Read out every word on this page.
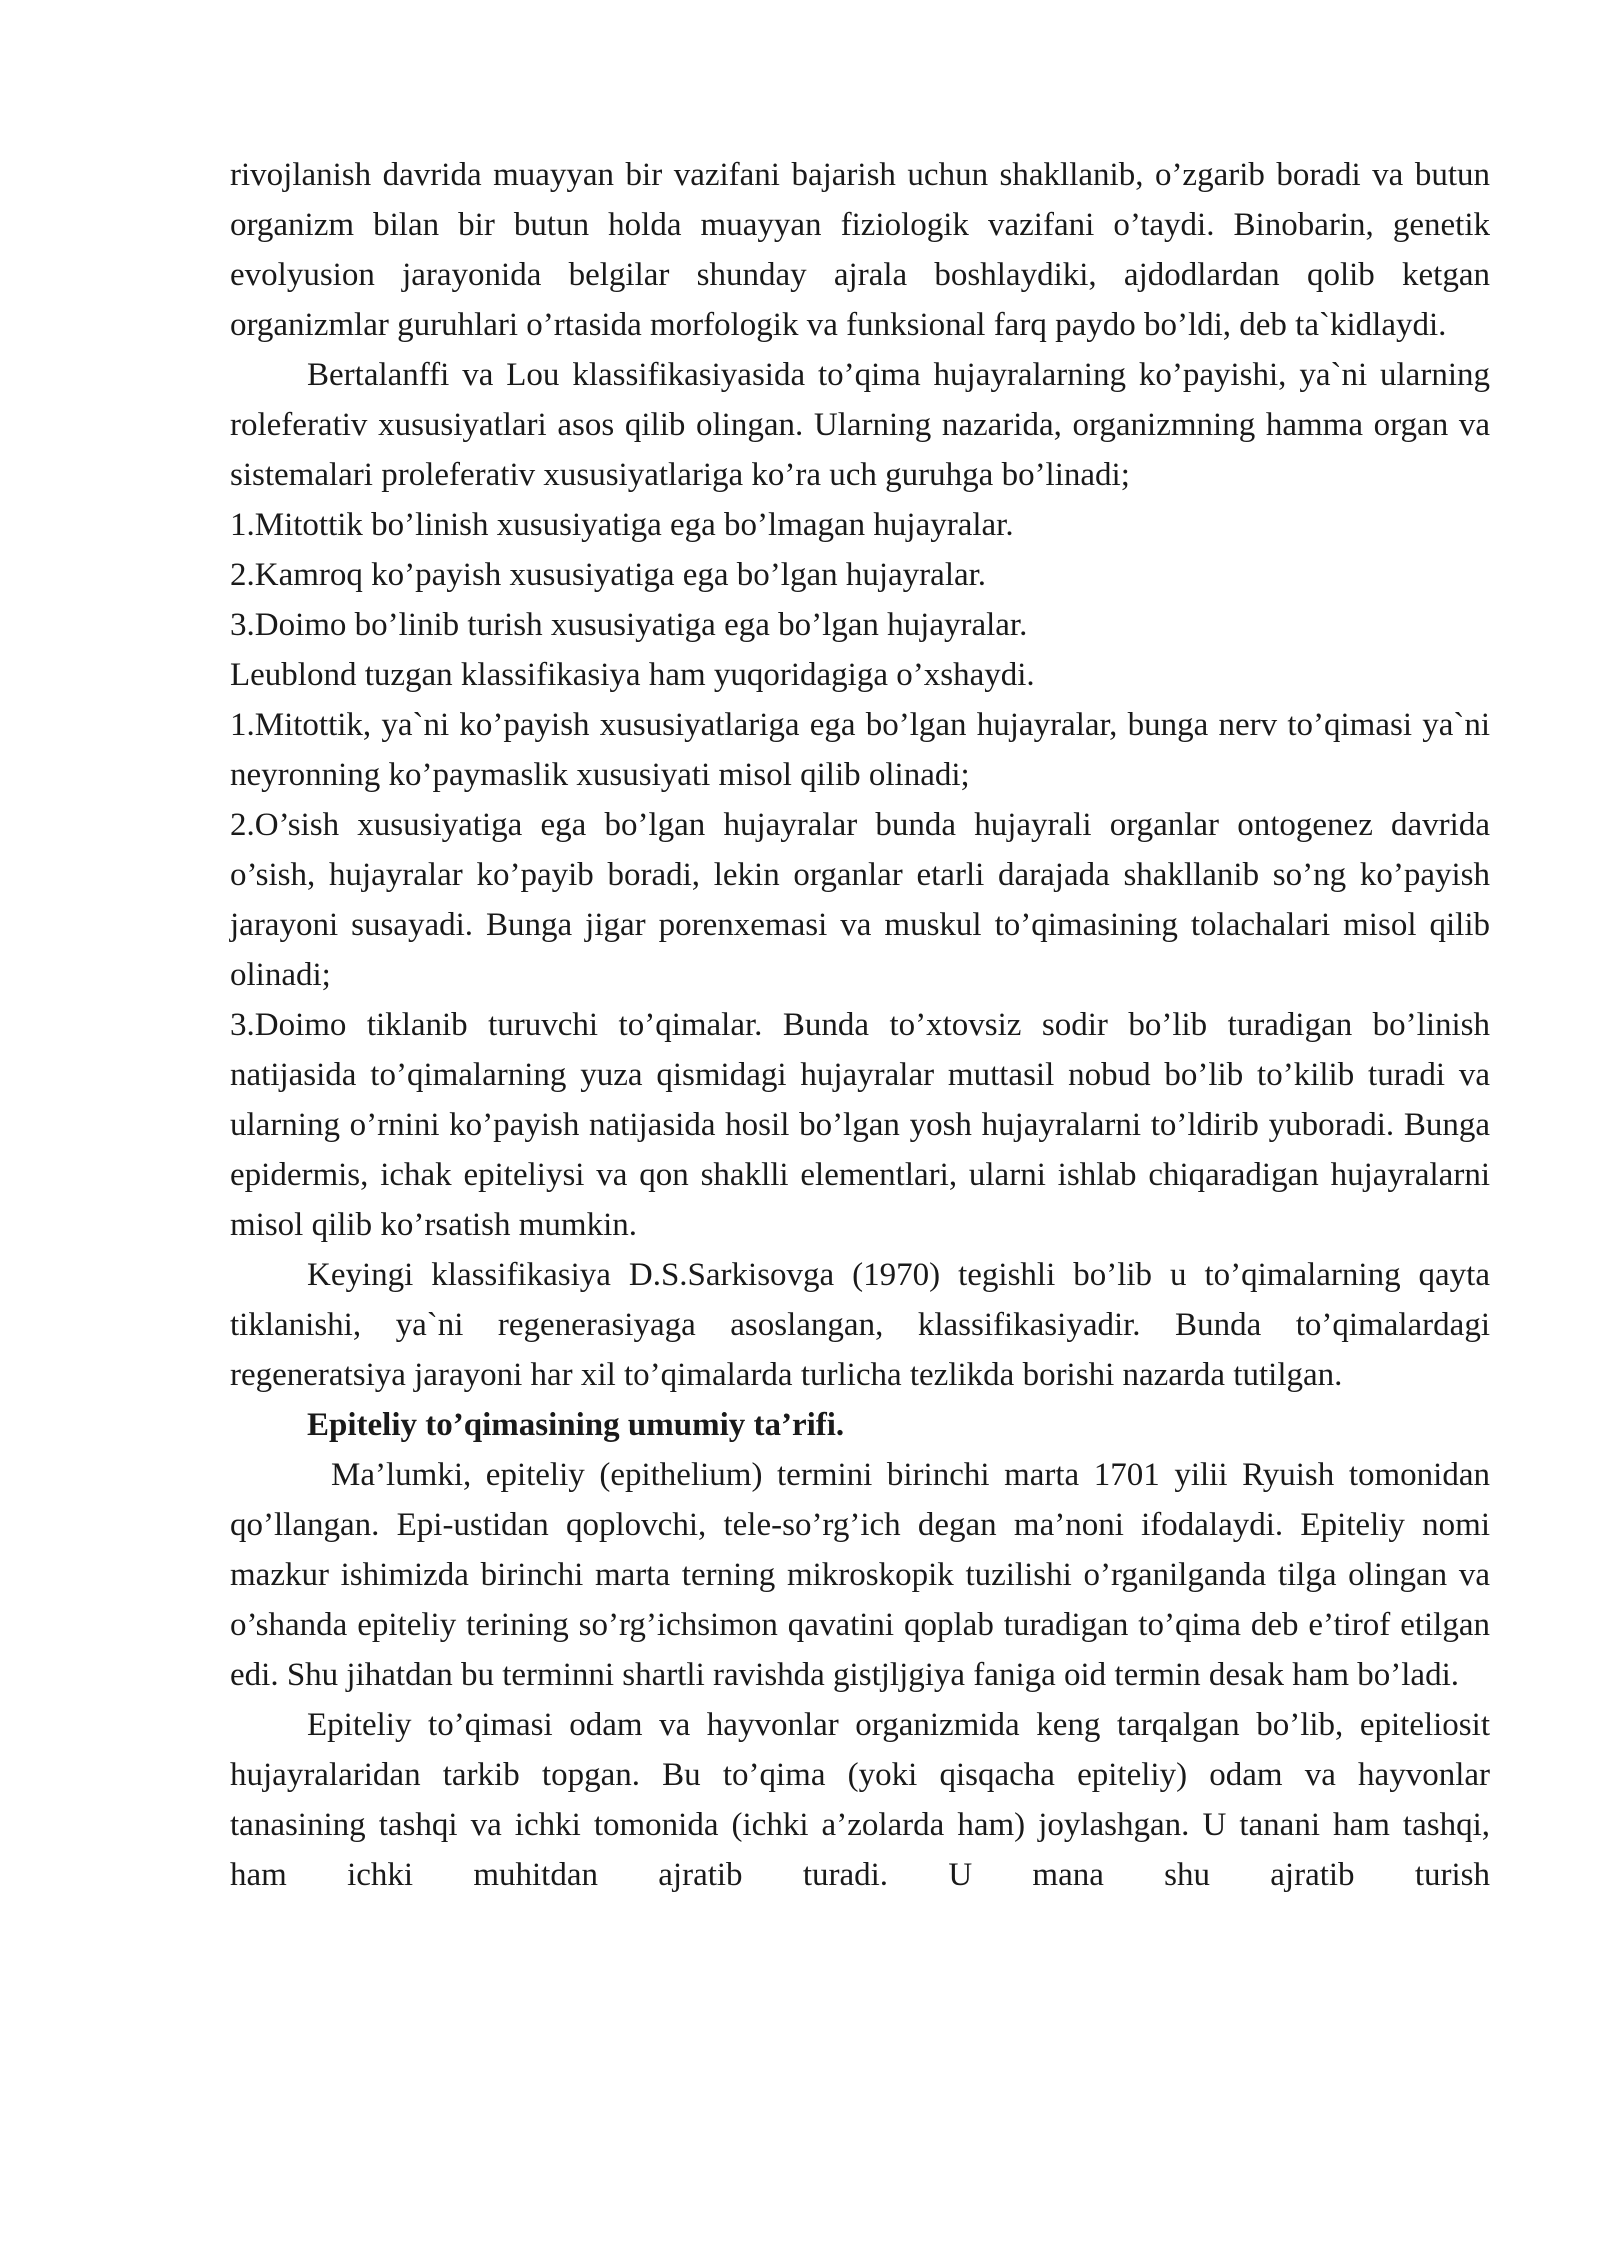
rivojlanish davrida muayyan bir vazifani bajarish uchun shakllanib, o’zgarib boradi va butun organizm bilan bir butun holda muayyan fiziologik vazifani o’taydi. Binobarin, genetik evolyusion jarayonida belgilar shunday ajrala boshlaydiki, ajdodlardan qolib ketgan organizmlar guruhlari o’rtasida morfologik va funksional farq paydo bo’ldi, deb ta`kidlaydi.

Bertalanffi va Lou klassifikasiyasida to’qima hujayralarning ko’payishi, ya`ni ularning roleferativ xususiyatlari asos qilib olingan. Ularning nazarida, organizmning hamma organ va sistemalari proleferativ xususiyatlariga ko’ra uch guruhga bo’linadi;

1.Mitottik bo’linish xususiyatiga ega bo’lmagan hujayralar.

2.Kamroq ko’payish xususiyatiga ega bo’lgan hujayralar.

3.Doimo bo’linib turish xususiyatiga ega bo’lgan hujayralar.

Leublond tuzgan klassifikasiya ham yuqoridagiga o’xshaydi.

1.Mitottik, ya`ni ko’payish xususiyatlariga ega bo’lgan hujayralar, bunga nerv to’qimasi ya`ni neyronning ko’paymaslik xususiyati misol qilib olinadi;

2.O’sish xususiyatiga ega bo’lgan hujayralar bunda hujayrali organlar ontogenez davrida o’sish, hujayralar ko’payib boradi, lekin organlar etarli darajada shakllanib so’ng ko’payish jarayoni susayadi. Bunga jigar porenxemasi va muskul to’qimasining tolachalari misol qilib olinadi;

3.Doimo tiklanib turuvchi to’qimalar. Bunda to’xtovsiz sodir bo’lib turadigan bo’linish natijasida to’qimalarning yuza qismidagi hujayralar muttasil nobud bo’lib to’kilib turadi va ularning o’rnini ko’payish natijasida hosil bo’lgan yosh hujayralarni to’ldirib yuboradi. Bunga epidermis, ichak epiteliysi va qon shaklli elementlari, ularni ishlab chiqaradigan hujayralarni misol qilib ko’rsatish mumkin.

Keyingi klassifikasiya D.S.Sarkisovga (1970) tegishli bo’lib u to’qimalarning qayta tiklanishi, ya`ni regenerasiyaga asoslangan, klassifikasiyadir. Bunda to’qimalardagi regeneratsiya jarayoni har xil to’qimalarda turlicha tezlikda borishi nazarda tutilgan.

Epiteliy to’qimasining umumiy ta’rifi.

Ma’lumki, epiteliy (epithelium) termini birinchi marta 1701 yilii Ryuish tomonidan qo’llangan. Epi-ustidan qoplovchi, tele-so’rg’ich degan ma’noni ifodalaydi. Epiteliy nomi mazkur ishimizda birinchi marta terning mikroskopik tuzilishi o’rganilganda tilga olingan va o’shanda epiteliy terining so’rg’ichsimon qavatini qoplab turadigan to’qima deb e’tirof etilgan edi. Shu jihatdan bu terminni shartli ravishda gistjljgiya faniga oid termin desak ham bo’ladi.

Epiteliy to’qimasi odam va hayvonlar organizmida keng tarqalgan bo’lib, epiteliosit hujayralaridan tarkib topgan. Bu to’qima (yoki qisqacha epiteliy) odam va hayvonlar tanasining tashqi va ichki tomonida (ichki a’zolarda ham) joylashgan. U tanani ham tashqi, ham ichki muhitdan ajratib turadi. U mana shu ajratib turish
